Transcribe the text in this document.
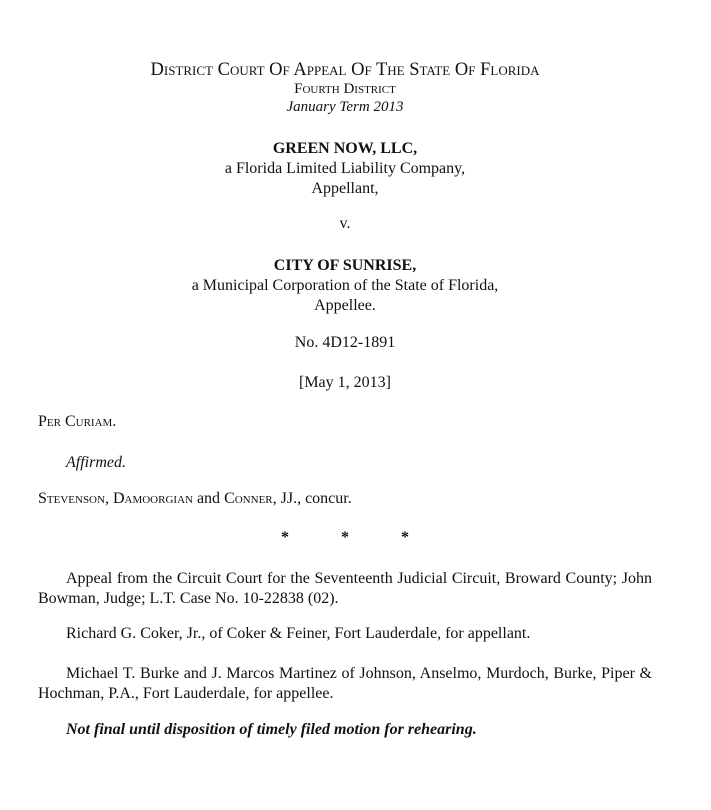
District Court Of Appeal Of The State Of Florida
Fourth District
January Term 2013
GREEN NOW, LLC,
a Florida Limited Liability Company,
Appellant,
v.
CITY OF SUNRISE,
a Municipal Corporation of the State of Florida,
Appellee.
No. 4D12-1891
[May 1, 2013]
Per Curiam.
Affirmed.
Stevenson, Damoorgian and Conner, JJ., concur.
*	*	*
Appeal from the Circuit Court for the Seventeenth Judicial Circuit, Broward County; John Bowman, Judge; L.T. Case No. 10-22838 (02).
Richard G. Coker, Jr., of Coker & Feiner, Fort Lauderdale, for appellant.
Michael T. Burke and J. Marcos Martinez of Johnson, Anselmo, Murdoch, Burke, Piper & Hochman, P.A., Fort Lauderdale, for appellee.
Not final until disposition of timely filed motion for rehearing.
